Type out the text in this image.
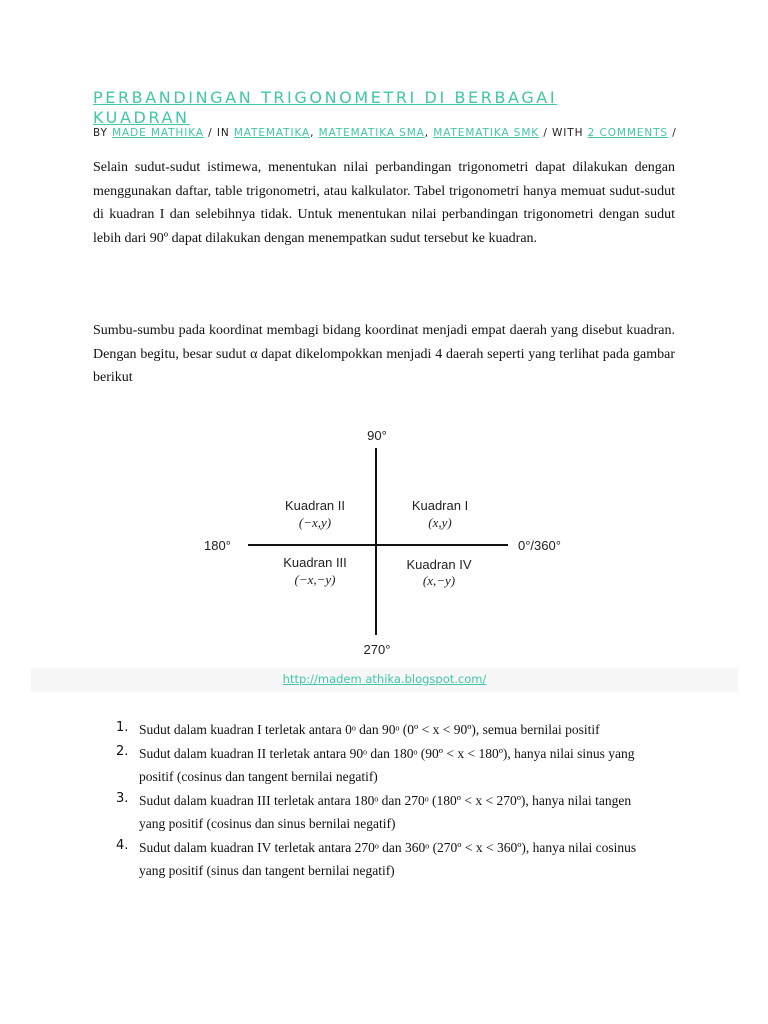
PERBANDINGAN TRIGONOMETRI DI BERBAGAI KUADRAN
BY MADE MATHIKA / IN MATEMATIKA, MATEMATIKA SMA, MATEMATIKA SMK / WITH 2 COMMENTS /

Selain sudut-sudut istimewa, menentukan nilai perbandingan trigonometri dapat dilakukan dengan menggunakan daftar, table trigonometri, atau kalkulator. Tabel trigonometri hanya memuat sudut-sudut di kuadran I dan selebihnya tidak. Untuk menentukan nilai perbandingan trigonometri dengan sudut lebih dari 90º dapat dilakukan dengan menempatkan sudut tersebut ke kuadran.

Sumbu-sumbu pada koordinat membagi bidang koordinat menjadi empat daerah yang disebut kuadran. Dengan begitu, besar sudut α dapat dikelompokkan menjadi 4 daerah seperti yang terlihat pada gambar berikut

90°
270°
180°	0°/360°
Kuadran II
(−x,y)
Kuadran I
(x,y)
Kuadran III
(−x,−y)
Kuadran IV
(x,−y)
http://madem athika.blogspot.com/
1. Sudut dalam kuadran I terletak antara 0ᵒ dan 90ᵒ (0º < x < 90º), semua bernilai positif
2. Sudut dalam kuadran II terletak antara 90ᵒ dan 180ᵒ (90º < x < 180º), hanya nilai sinus yang positif (cosinus dan tangent bernilai negatif)
3. Sudut dalam kuadran III terletak antara 180ᵒ dan 270ᵒ (180º < x < 270º), hanya nilai tangen yang positif (cosinus dan sinus bernilai negatif)
4. Sudut dalam kuadran IV terletak antara 270ᵒ dan 360ᵒ (270º < x < 360º), hanya nilai cosinus yang positif (sinus dan tangent bernilai negatif)
